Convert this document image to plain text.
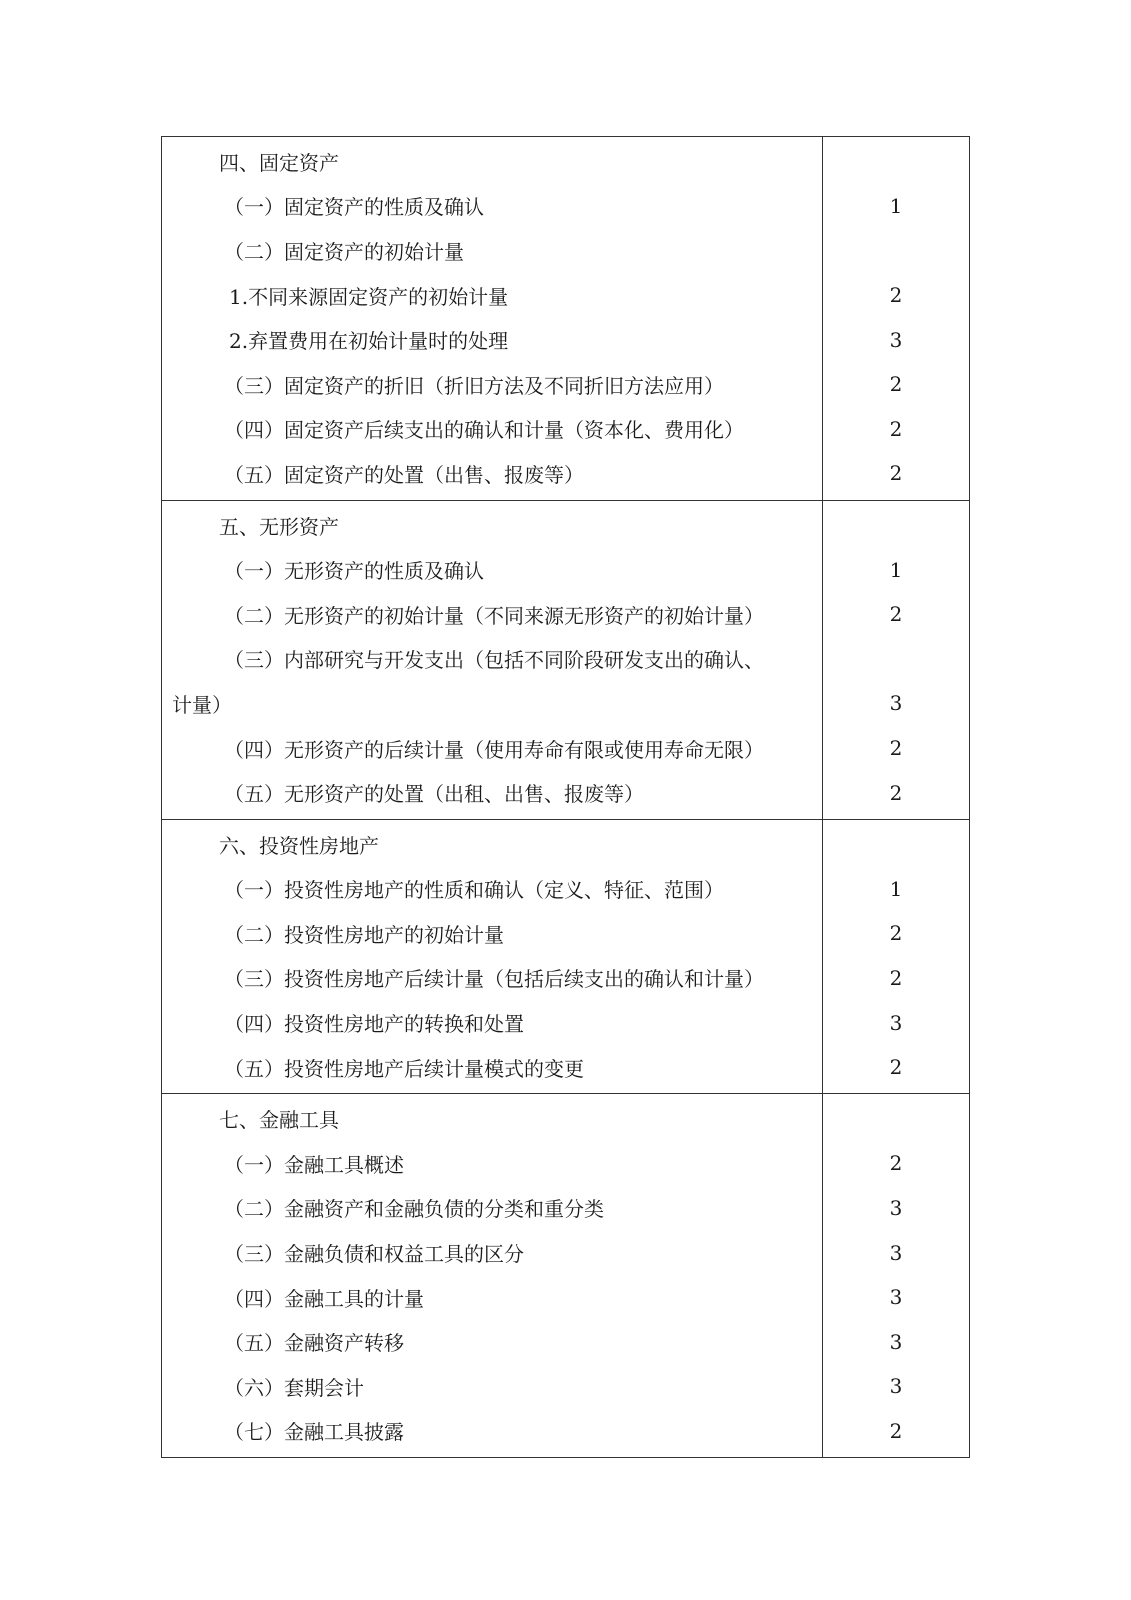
四、固定资产
（一）固定资产的性质及确认
（二）固定资产的初始计量
1.不同来源固定资产的初始计量
2.弃置费用在初始计量时的处理
（三）固定资产的折旧（折旧方法及不同折旧方法应用）
（四）固定资产后续支出的确认和计量（资本化、费用化）
（五）固定资产的处置（出售、报废等）
1
2
3
2
2
2
五、无形资产
（一）无形资产的性质及确认
（二）无形资产的初始计量（不同来源无形资产的初始计量）
（三）内部研究与开发支出（包括不同阶段研发支出的确认、
计量）
（四）无形资产的后续计量（使用寿命有限或使用寿命无限）
（五）无形资产的处置（出租、出售、报废等）
1
2
3
2
2
六、投资性房地产
（一）投资性房地产的性质和确认（定义、特征、范围）
（二）投资性房地产的初始计量
（三）投资性房地产后续计量（包括后续支出的确认和计量）
（四）投资性房地产的转换和处置
（五）投资性房地产后续计量模式的变更
1
2
2
3
2
七、金融工具
（一）金融工具概述
（二）金融资产和金融负债的分类和重分类
（三）金融负债和权益工具的区分
（四）金融工具的计量
（五）金融资产转移
（六）套期会计
（七）金融工具披露
2
3
3
3
3
3
2
